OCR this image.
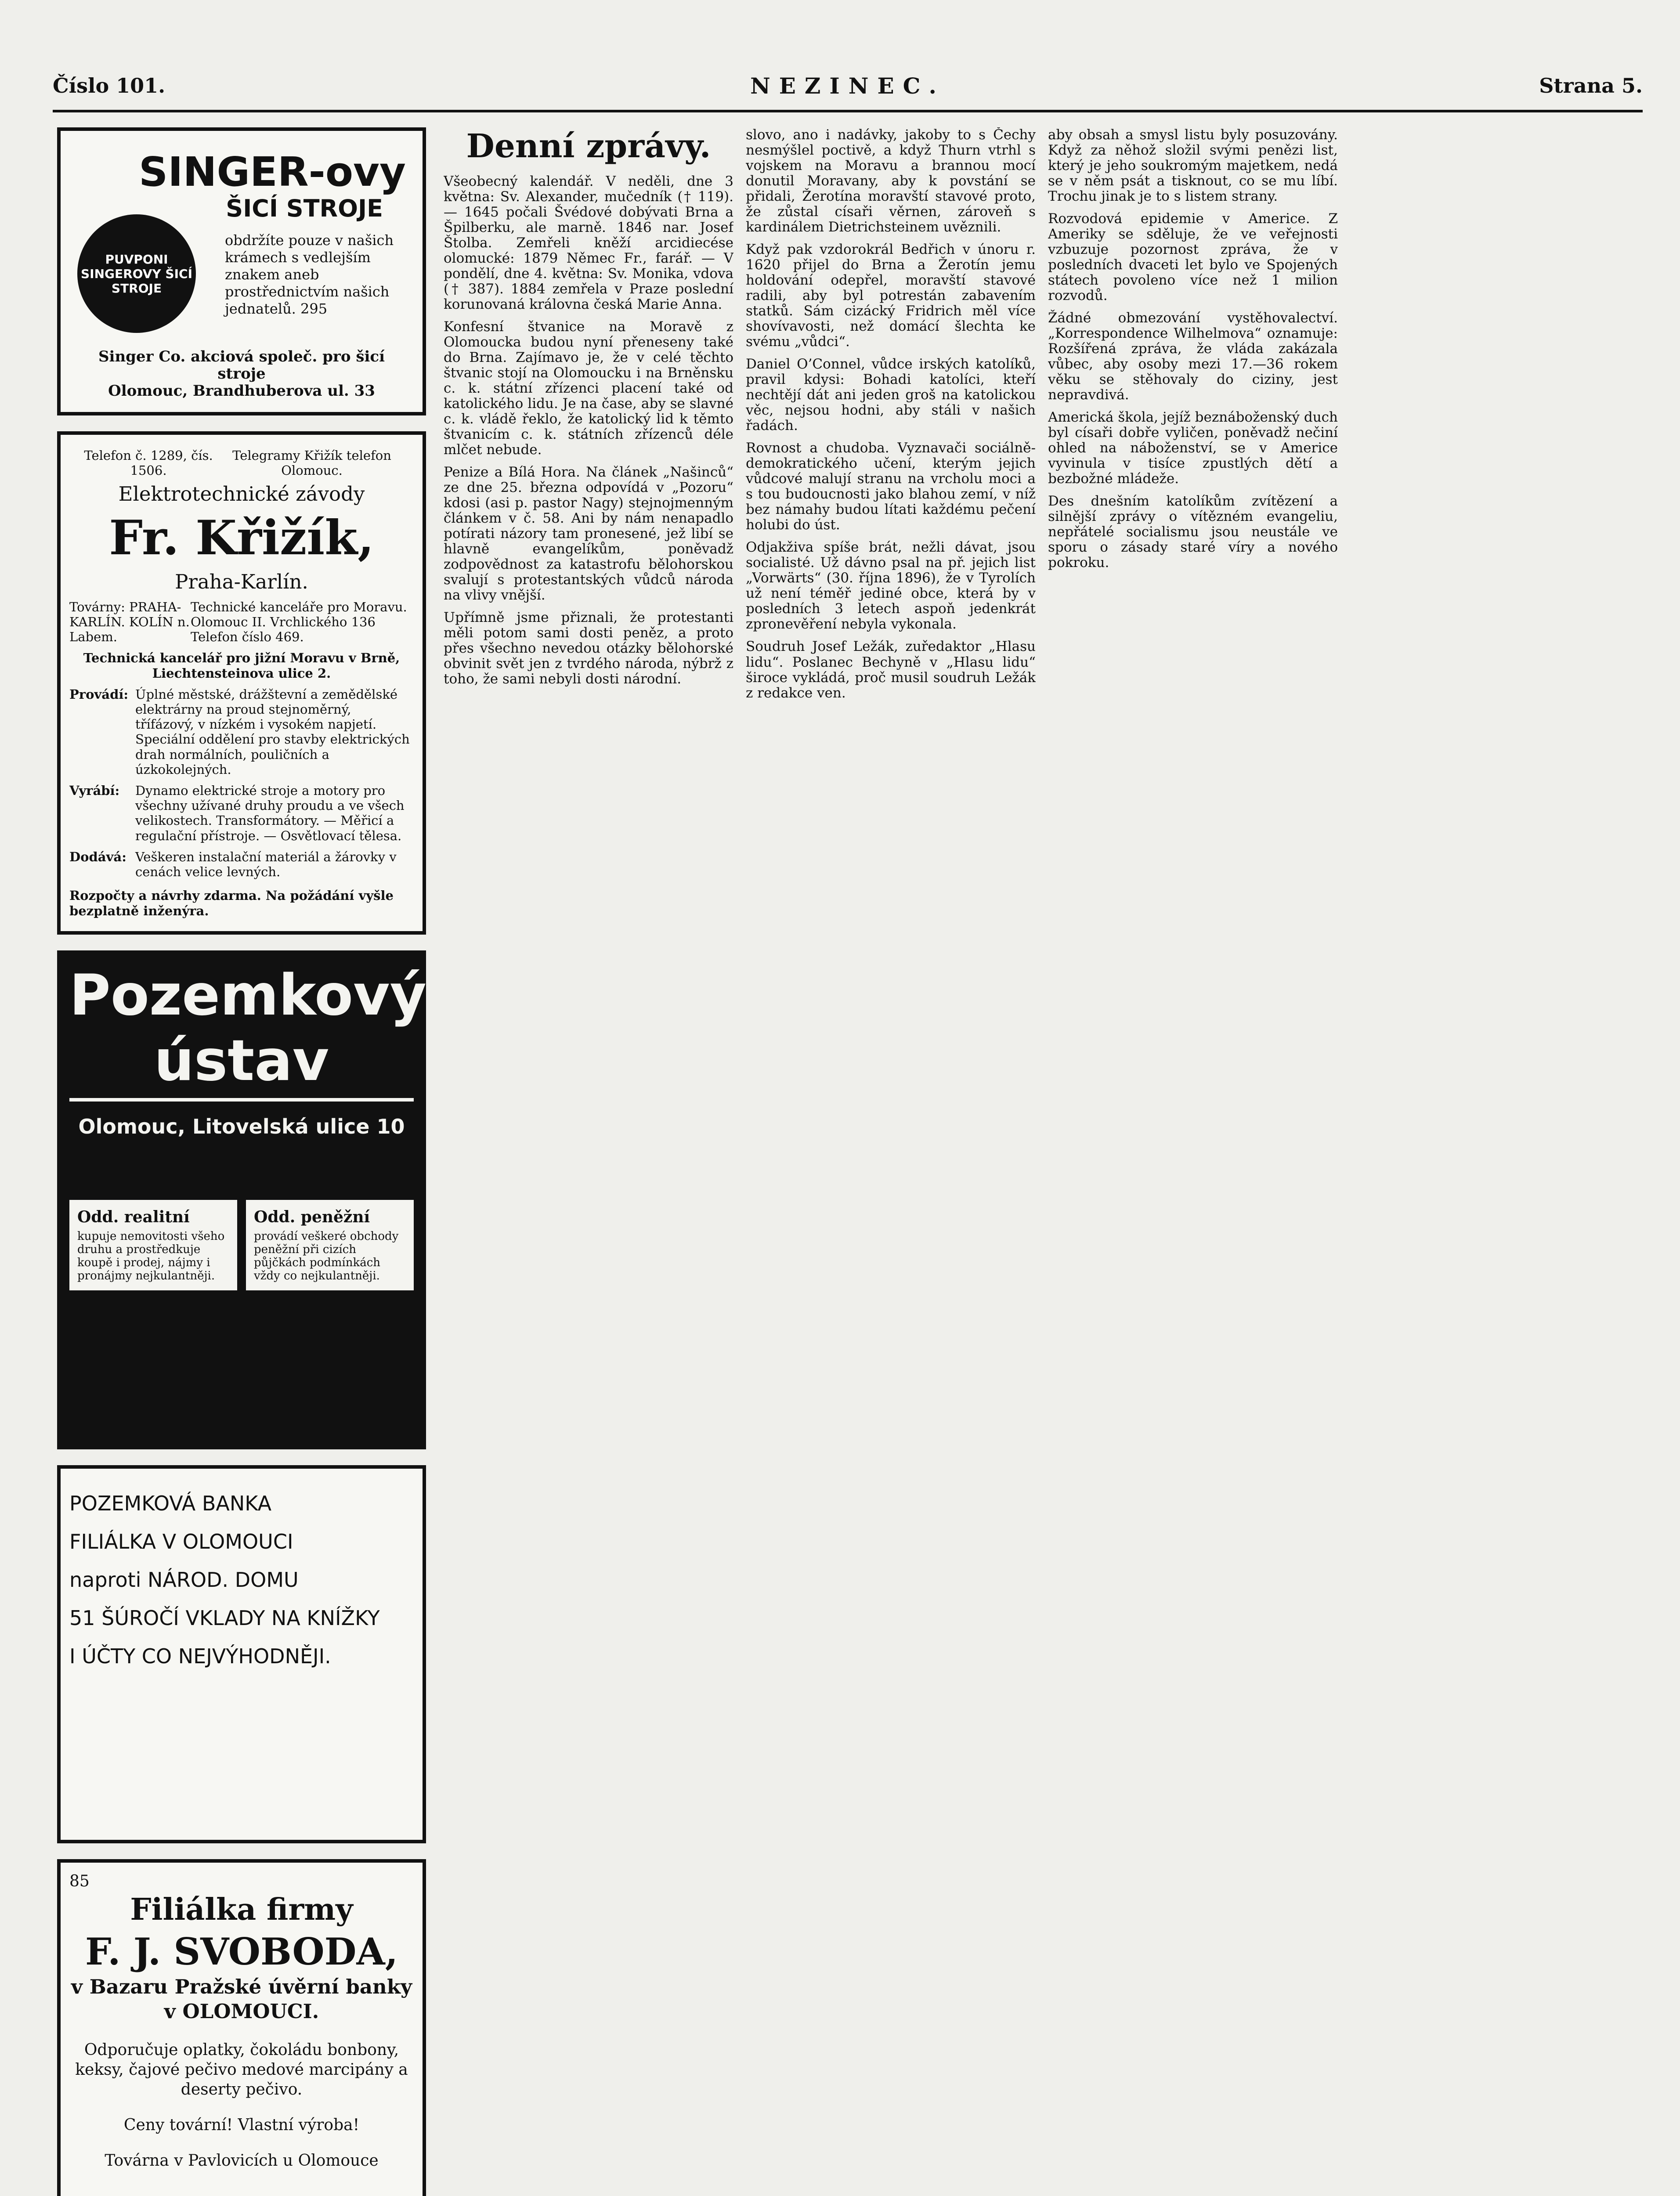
Číslo 101.	NEZINEC.	Strana 5.
PUVPONI SINGEROVY ŠICÍ STROJE
SINGER-ovy
ŠICÍ STROJE
obdržíte pouze v našich krámech s vedlejším znakem aneb prostřednictvím našich jednatelů. 295
Singer Co. akciová společ. pro šicí stroje
Olomouc, Brandhuberova ul. 33
Telefon č. 1289, čís. 1506.
Telegramy Křižík telefon Olomouc.
Elektrotechnické závody
Fr. Křižík,
Praha-Karlín.
Továrny: PRAHA-KARLÍN. KOLÍN n. Labem.
Technické kanceláře pro Moravu. Olomouc II. Vrchlického 136 Telefon číslo 469.
Technická kancelář pro jižní Moravu v Brně, Liechtensteinova ulice 2.
Provádí: Úplné městské, drážštevní a zemědělské elektrárny na proud stejnoměrný, třífázový, v nízkém i vysokém napjetí. Speciální oddělení pro stavby elektrických drah normálních, pouličních a úzkokolejných.
Vyrábí:	Dynamo elektrické stroje a motory pro všechny užívané druhy proudu a ve všech velikostech. Transformátory. — Měřicí a regulační přístroje. — Osvětlovací tělesa.
Dodává: Veškeren instalační materiál a žárovky v cenách velice levných.
Rozpočty a návrhy zdarma. Na požádání vyšle bezplatně inženýra.
Pozemkový ústav
Olomouc, Litovelská ulice 10
Odd. realitní
kupuje nemovitosti všeho druhu a prostředkuje koupě i prodej, nájmy i pronájmy nejkulantněji.
Odd. peněžní
provádí veškeré obchody peněžní při cizích půjčkách podmínkách vždy co nejkulantněji.

POZEMKOVÁ BANKA

FILIÁLKA V OLOMOUCI

naproti NÁROD. DOMU

51 ŠÚROČÍ VKLADY NA KNÍŽKY

I ÚČTY CO NEJVÝHODNĚJI.

85
Filiálka firmy
F. J. SVOBODA,
v Bazaru Pražské úvěrní banky v OLOMOUCI.

Odporučuje oplatky, čokoládu bonbony, keksy, čajové pečivo medové marcipány a deserty pečivo.

Ceny tovární! Vlastní výroba!

Továrna v Pavlovicích u Olomouce

Denní zprávy.

Všeobecný kalendář. V neděli, dne 3 května: Sv. Alexander, mučedník († 119). — 1645 počali Švédové dobývati Brna a Špilberku, ale marně. 1846 nar. Josef Štolba. Zemřeli kněží arcidiecése olomucké: 1879 Němec Fr., farář. — V pondělí, dne 4. května: Sv. Monika, vdova († 387). 1884 zemřela v Praze poslední korunovaná královna česká Marie Anna.

Konfesní štvanice na Moravě z Olomoucka budou nyní přeneseny také do Brna. Zajímavo je, že v celé těchto štvanic stojí na Olomoucku i na Brněnsku c. k. státní zřízenci placení také od katolického lidu. Je na čase, aby se slavné c. k. vládě řeklo, že katolický lid k těmto štvanicím c. k. státních zřízenců déle mlčet nebude.

Penize a Bílá Hora. Na článek „Našinců“ ze dne 25. března odpovídá v „Pozoru“ kdosi (asi p. pastor Nagy) stejnojmenným článkem v č. 58. Ani by nám nenapadlo potírati názory tam pronesené, jež libí se hlavně evangelíkům, poněvadž zodpovědnost za katastrofu bělohorskou svalují s protestantských vůdců národa na vlivy vnější.

Upřímně jsme přiznali, že protestanti měli potom sami dosti peněz, a proto přes všechno nevedou otázky bělohorské obvinit svět jen z tvrdého národa, nýbrž z toho, že sami nebyli dosti národní.

slovo, ano i nadávky, jakoby to s Čechy nesmýšlel poctivě, a když Thurn vtrhl s vojskem na Moravu a brannou mocí donutil Moravany, aby k povstání se přidali, Žerotína moravští stavové proto, že zůstal císaři věrnen, zároveň s kardinálem Dietrichsteinem uvěznili.

Když pak vzdorokrál Bedřich v únoru r. 1620 přijel do Brna a Žerotín jemu holdování odepřel, moravští stavové radili, aby byl potrestán zabavením statků. Sám cizácký Fridrich měl více shovívavosti, než domácí šlechta ke svému „vůdci“.

Daniel O’Connel, vůdce irských katolíků, pravil kdysi: Bohadi katolíci, kteří nechtějí dát ani jeden groš na katolickou věc, nejsou hodni, aby stáli v našich řadách.

Rovnost a chudoba. Vyznavači sociálně-demokratického učení, kterým jejich vůdcové malují stranu na vrcholu moci a s tou budoucnosti jako blahou zemí, v níž bez námahy budou lítati každému pečení holubi do úst.

Odjakživa spíše brát, nežli dávat, jsou socialisté. Už dávno psal na př. jejich list „Vorwärts“ (30. října 1896), že v Tyrolích už není téměř jediné obce, která by v posledních 3 letech aspoň jedenkrát zpronevěření nebyla vykonala.

Soudruh Josef Ležák, zuředaktor „Hlasu lidu“. Poslanec Bechyně v „Hlasu lidu“ široce vykládá, proč musil soudruh Ležák z redakce ven.

aby obsah a smysl listu byly posuzovány. Když za něhož složil svými penězi list, který je jeho soukromým majetkem, nedá se v něm psát a tisknout, co se mu líbí. Trochu jinak je to s listem strany.

Rozvodová epidemie v Americe. Z Ameriky se sděluje, že ve veřejnosti vzbuzuje pozornost zpráva, že v posledních dvaceti let bylo ve Spojených státech povoleno více než 1 milion rozvodů.

Žádné obmezování vystěhovalectví. „Korrespondence Wilhelmova“ oznamuje: Rozšířená zpráva, že vláda zakázala vůbec, aby osoby mezi 17.—36 rokem věku se stěhovaly do ciziny, jest nepravdivá.

Americká škola, jejíž beznáboženský duch byl císaři dobře vyličen, poněvadž nečiní ohled na náboženství, se v Americe vyvinula v tisíce zpustlých dětí a bezbožné mládeže.

Des dnešním katolíkům zvítězení a silnější zprávy o vítězném evangeliu, nepřátelé socialismu jsou neustále ve sporu o zásady staré víry a nového pokroku.
